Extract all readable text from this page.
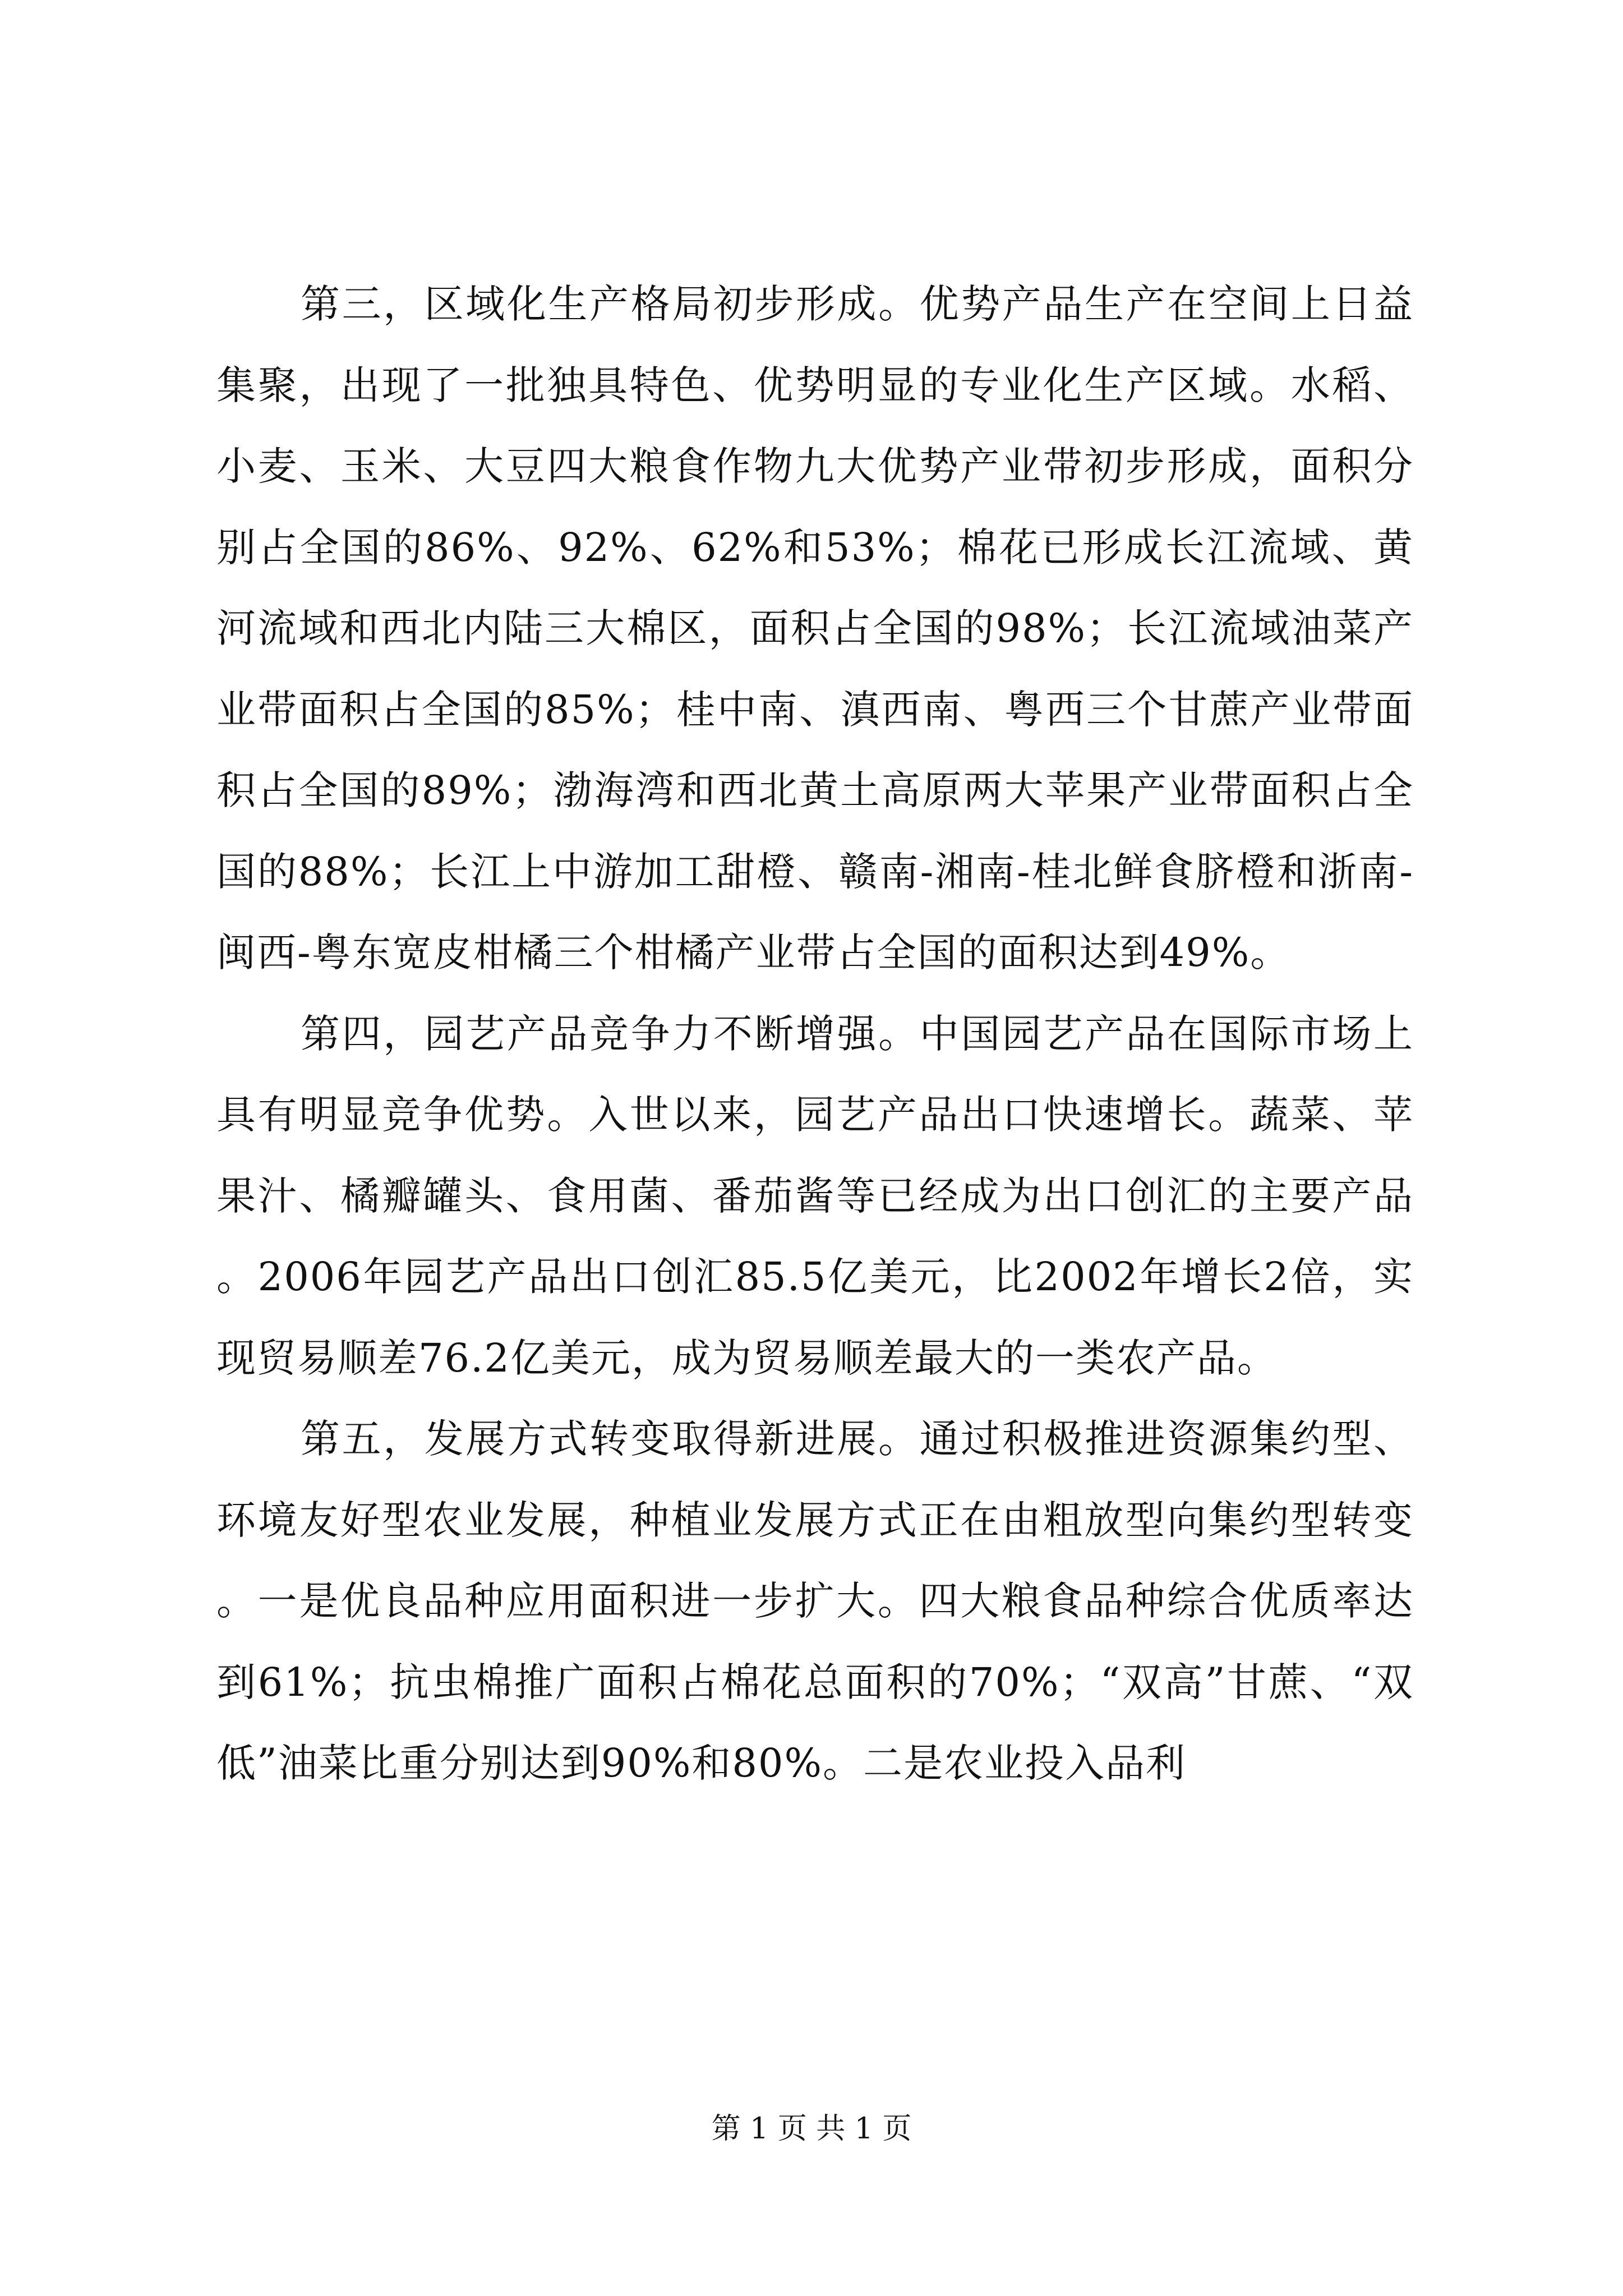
第三，区域化生产格局初步形成。优势产品生产在空间上日益集聚，出现了一批独具特色、优势明显的专业化生产区域。水稻、小麦、玉米、大豆四大粮食作物九大优势产业带初步形成，面积分别占全国的86%、92%、62%和53%；棉花已形成长江流域、黄河流域和西北内陆三大棉区，面积占全国的98%；长江流域油菜产业带面积占全国的85%；桂中南、滇西南、粤西三个甘蔗产业带面积占全国的89%；渤海湾和西北黄土高原两大苹果产业带面积占全国的88%；长江上中游加工甜橙、赣南-湘南-桂北鲜食脐橙和浙南-闽西-粤东宽皮柑橘三个柑橘产业带占全国的面积达到49%。

第四，园艺产品竞争力不断增强。中国园艺产品在国际市场上具有明显竞争优势。入世以来，园艺产品出口快速增长。蔬菜、苹果汁、橘瓣罐头、食用菌、番茄酱等已经成为出口创汇的主要产品。2006年园艺产品出口创汇85.5亿美元，比2002年增长2倍，实现贸易顺差76.2亿美元，成为贸易顺差最大的一类农产品。

第五，发展方式转变取得新进展。通过积极推进资源集约型、环境友好型农业发展，种植业发展方式正在由粗放型向集约型转变。一是优良品种应用面积进一步扩大。四大粮食品种综合优质率达到61%；抗虫棉推广面积占棉花总面积的70%；“双高”甘蔗、“双低”油菜比重分别达到90%和80%。二是农业投入品利

第 1 页 共 1 页
